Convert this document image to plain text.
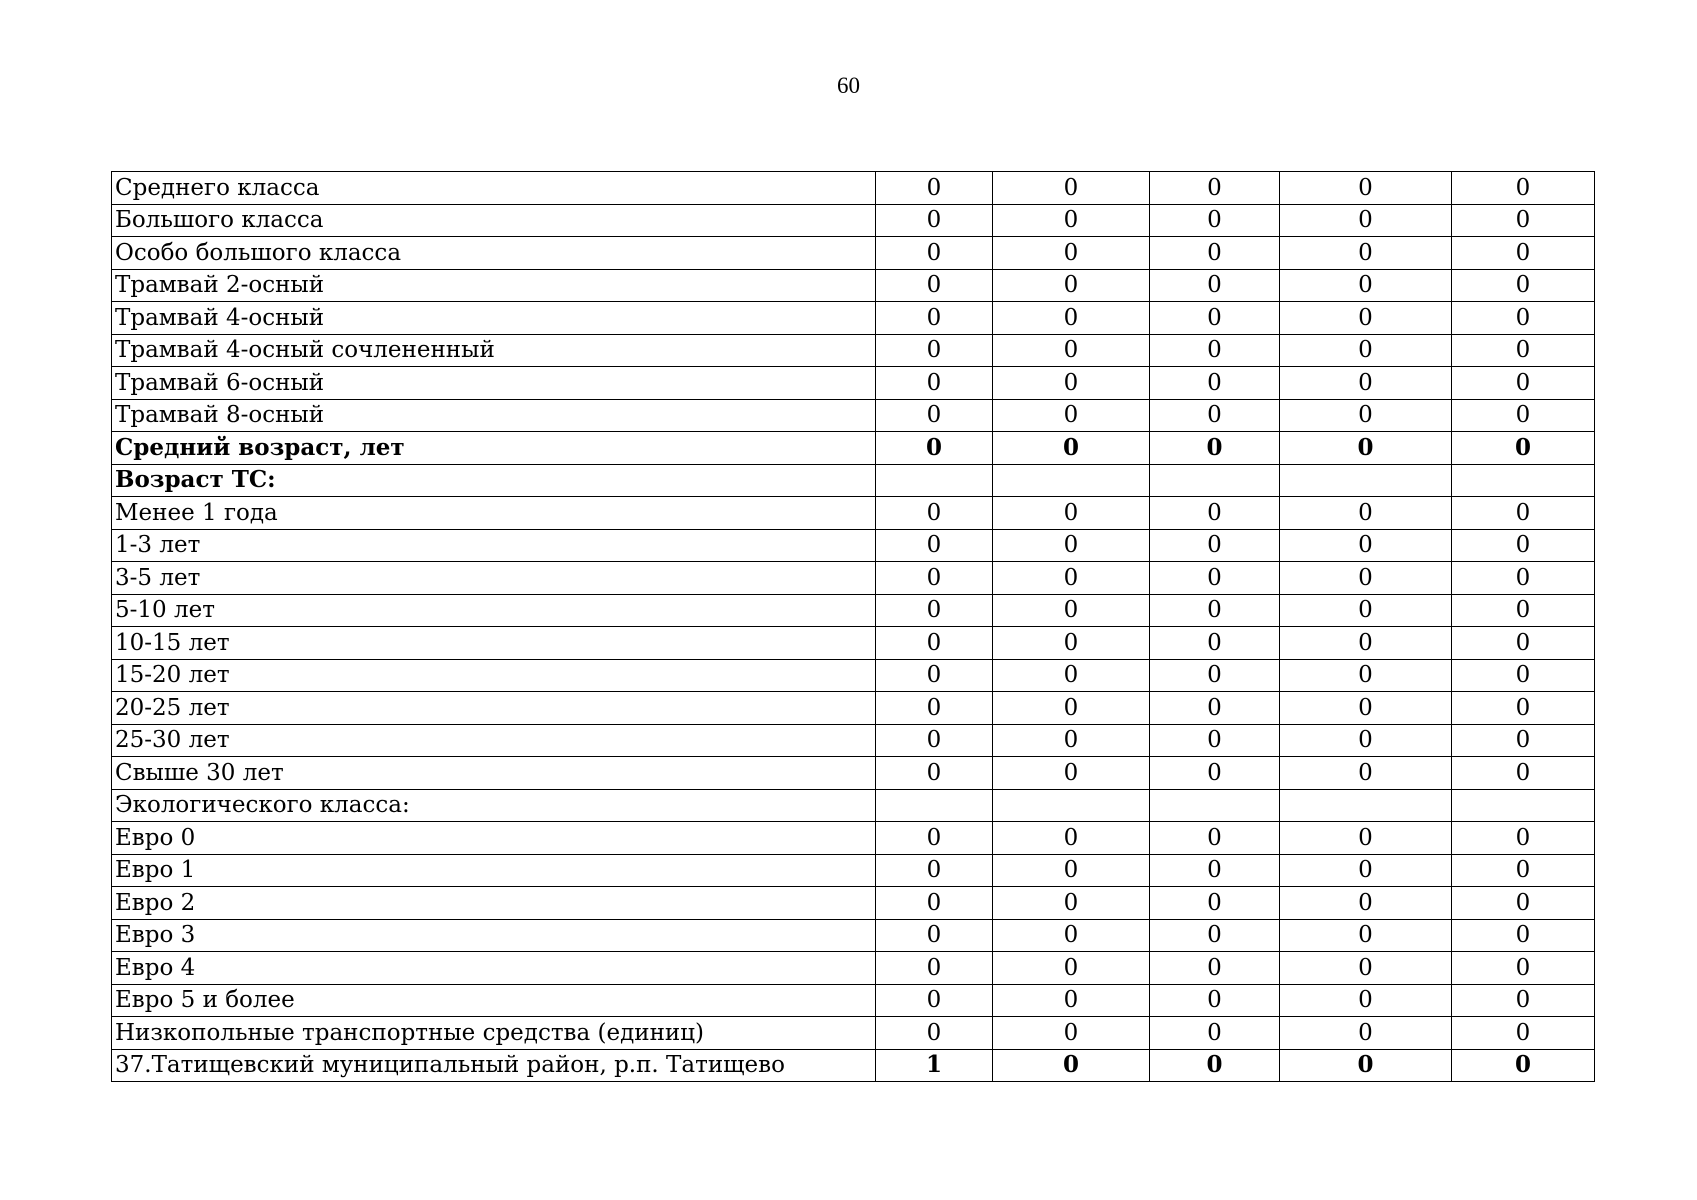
60
Среднего класса	0	0	0	0	0
Большого класса	0	0	0	0	0
Особо большого класса	0	0	0	0	0
Трамвай 2-осный	0	0	0	0	0
Трамвай 4-осный	0	0	0	0	0
Трамвай 4-осный сочлененный	0	0	0	0	0
Трамвай 6-осный	0	0	0	0	0
Трамвай 8-осный	0	0	0	0	0
Средний возраст, лет	0	0	0	0	0
Возраст ТС:					
Менее 1 года	0	0	0	0	0
1-3 лет	0	0	0	0	0
3-5 лет	0	0	0	0	0
5-10 лет	0	0	0	0	0
10-15 лет	0	0	0	0	0
15-20 лет	0	0	0	0	0
20-25 лет	0	0	0	0	0
25-30 лет	0	0	0	0	0
Свыше 30 лет	0	0	0	0	0
Экологического класса:					
Евро 0	0	0	0	0	0
Евро 1	0	0	0	0	0
Евро 2	0	0	0	0	0
Евро 3	0	0	0	0	0
Евро 4	0	0	0	0	0
Евро 5 и более	0	0	0	0	0
Низкопольные транспортные средства (единиц)	0	0	0	0	0
37.Татищевский муниципальный район, р.п. Татищево	1	0	0	0	0
